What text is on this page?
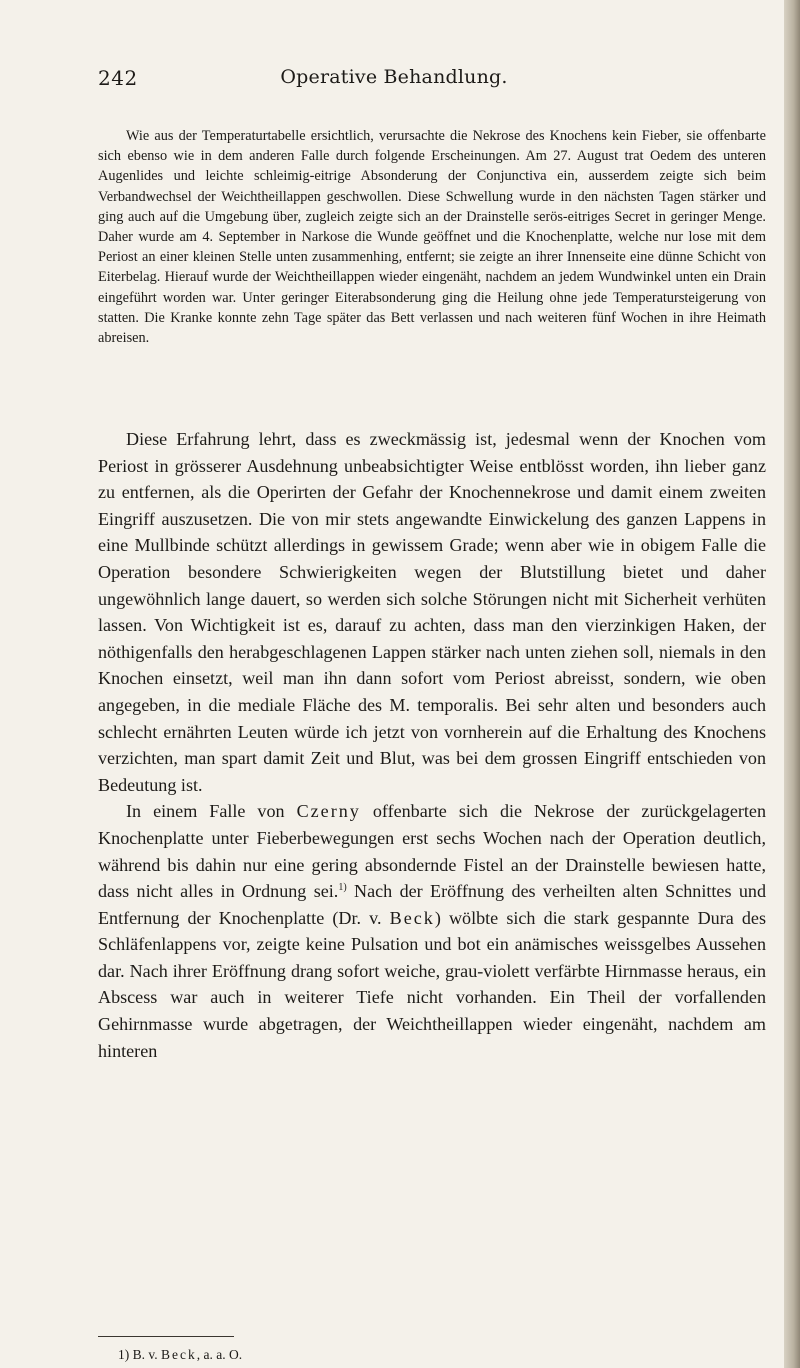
242	Operative Behandlung.

Wie aus der Temperaturtabelle ersichtlich, verursachte die Nekrose des Knochens kein Fieber, sie offenbarte sich ebenso wie in dem anderen Falle durch folgende Erscheinungen. Am 27. August trat Oedem des unteren Augenlides und leichte schleimig-eitrige Absonderung der Conjunctiva ein, ausserdem zeigte sich beim Verbandwechsel der Weichtheillappen geschwollen. Diese Schwellung wurde in den nächsten Tagen stärker und ging auch auf die Umgebung über, zugleich zeigte sich an der Drainstelle serös-eitriges Secret in geringer Menge. Daher wurde am 4. September in Narkose die Wunde geöffnet und die Knochenplatte, welche nur lose mit dem Periost an einer kleinen Stelle unten zusammenhing, entfernt; sie zeigte an ihrer Innenseite eine dünne Schicht von Eiterbelag. Hierauf wurde der Weichtheillappen wieder eingenäht, nachdem an jedem Wundwinkel unten ein Drain eingeführt worden war. Unter geringer Eiterabsonderung ging die Heilung ohne jede Temperatursteigerung von statten. Die Kranke konnte zehn Tage später das Bett verlassen und nach weiteren fünf Wochen in ihre Heimath abreisen.

Diese Erfahrung lehrt, dass es zweckmässig ist, jedesmal wenn der Knochen vom Periost in grösserer Ausdehnung unbeabsichtigter Weise entblösst worden, ihn lieber ganz zu entfernen, als die Operirten der Gefahr der Knochennekrose und damit einem zweiten Eingriff auszusetzen. Die von mir stets angewandte Einwickelung des ganzen Lappens in eine Mullbinde schützt allerdings in gewissem Grade; wenn aber wie in obigem Falle die Operation besondere Schwierigkeiten wegen der Blutstillung bietet und daher ungewöhnlich lange dauert, so werden sich solche Störungen nicht mit Sicherheit verhüten lassen. Von Wichtigkeit ist es, darauf zu achten, dass man den vierzinkigen Haken, der nöthigenfalls den herabgeschlagenen Lappen stärker nach unten ziehen soll, niemals in den Knochen einsetzt, weil man ihn dann sofort vom Periost abreisst, sondern, wie oben angegeben, in die mediale Fläche des M. temporalis. Bei sehr alten und besonders auch schlecht ernährten Leuten würde ich jetzt von vornherein auf die Erhaltung des Knochens verzichten, man spart damit Zeit und Blut, was bei dem grossen Eingriff entschieden von Bedeutung ist.

In einem Falle von Czerny offenbarte sich die Nekrose der zurückgelagerten Knochenplatte unter Fieberbewegungen erst sechs Wochen nach der Operation deutlich, während bis dahin nur eine gering absondernde Fistel an der Drainstelle bewiesen hatte, dass nicht alles in Ordnung sei.$^{1)}$ Nach der Eröffnung des verheilten alten Schnittes und Entfernung der Knochenplatte (Dr. v. Beck) wölbte sich die stark gespannte Dura des Schläfenlappens vor, zeigte keine Pulsation und bot ein anämisches weissgelbes Aussehen dar. Nach ihrer Eröffnung drang sofort weiche, grau-violett verfärbte Hirnmasse heraus, ein Abscess war auch in weiterer Tiefe nicht vorhanden. Ein Theil der vorfallenden Gehirnmasse wurde abgetragen, der Weichtheillappen wieder eingenäht, nachdem am hinteren

1) B. v. Beck, a. a. O.
